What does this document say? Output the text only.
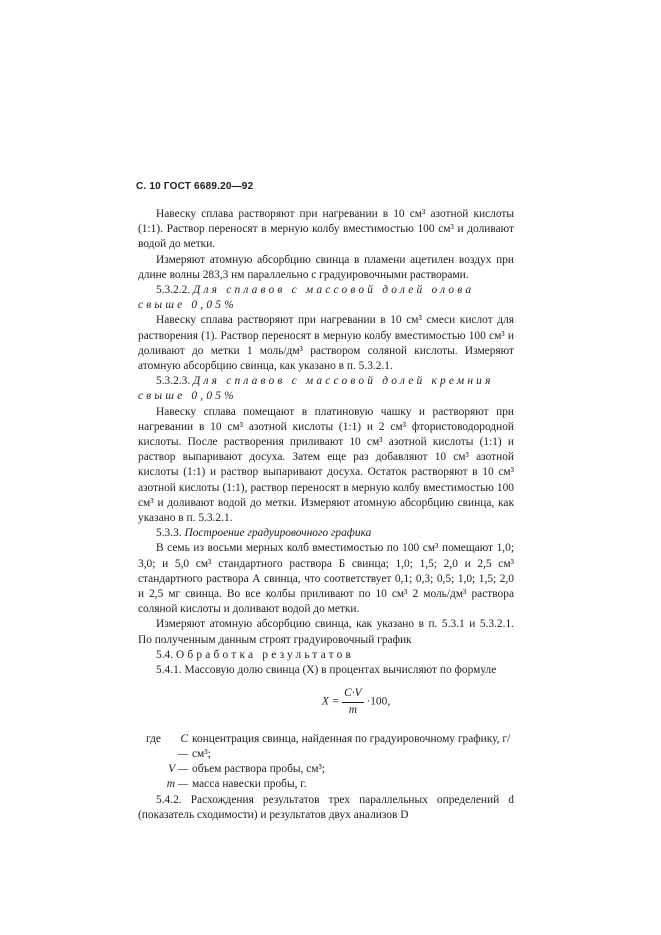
С. 10 ГОСТ 6689.20—92

Навеску сплава растворяют при нагревании в 10 см³ азотной кислоты (1:1). Раствор переносят в мерную колбу вместимостью 100 см³ и доливают водой до метки.

Измеряют атомную абсорбцию свинца в пламени ацетилен воздух при длине волны 283,3 нм параллельно с градуировочными растворами.

5.3.2.2. Для сплавов с массовой долей олова свыше 0,05%

Навеску сплава растворяют при нагревании в 10 см³ смеси кислот для растворения (1). Раствор переносят в мерную колбу вместимостью 100 см³ и доливают до метки 1 моль/дм³ раствором соляной кислоты. Измеряют атомную абсорбцию свинца, как указано в п. 5.3.2.1.

5.3.2.3. Для сплавов с массовой долей кремния свыше 0,05%

Навеску сплава помещают в платиновую чашку и растворяют при нагревании в 10 см³ азотной кислоты (1:1) и 2 см³ фтористоводородной кислоты. После растворения приливают 10 см³ азотной кислоты (1:1) и раствор выпаривают досуха. Затем еще раз добавляют 10 см³ азотной кислоты (1:1) и раствор выпаривают досуха. Остаток растворяют в 10 см³ азотной кислоты (1:1), раствор переносят в мерную колбу вместимостью 100 см³ и доливают водой до метки. Измеряют атомную абсорбцию свинца, как указано в п. 5.3.2.1.

5.3.3. Построение градуировочного графика

В семь из восьми мерных колб вместимостью по 100 см³ помещают 1,0; 3,0; и 5,0 см³ стандартного раствора Б свинца; 1,0; 1,5; 2,0 и 2,5 см³ стандартного раствора А свинца, что соответствует 0,1; 0,3; 0,5; 1,0; 1,5; 2,0 и 2,5 мг свинца. Во все колбы приливают по 10 см³ 2 моль/дм³ раствора соляной кислоты и доливают водой до метки.

Измеряют атомную абсорбцию свинца, как указано в п. 5.3.1 и 5.3.2.1. По полученным данным строят градуировочный график

5.4. Обработка результатов

5.4.1. Массовую долю свинца (X) в процентах вычисляют по формуле

$X = \frac{C\cdot V}{m} \cdot 100$,
где	C —
концентрация свинца, найденная по градуировочному графику, г/см³;
V — объем раствора пробы, см³;
m — масса навески пробы, г.

5.4.2. Расхождения результатов трех параллельных определений d (показатель сходимости) и результатов двух анализов D
